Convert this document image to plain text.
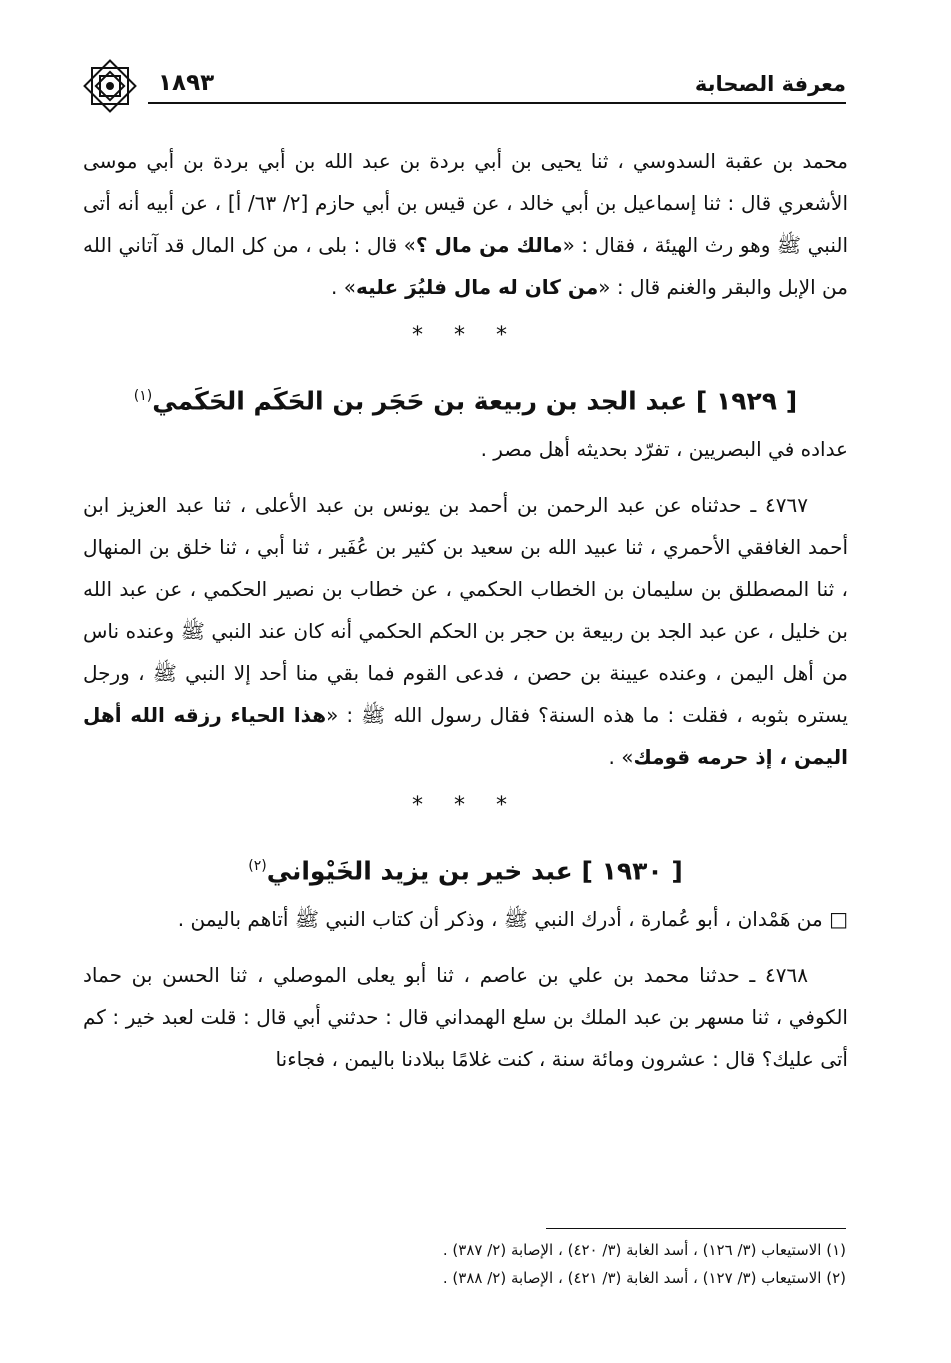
معرفة الصحابة
١٨٩٣

محمد بن عقبة السدوسي ، ثنا يحيى بن أبي بردة بن عبد الله بن أبي بردة بن أبي موسى الأشعري قال : ثنا إسماعيل بن أبي خالد ، عن قيس بن أبي حازم [٢/ ٦٣/ أ] ، عن أبيه أنه أتى النبي ﷺ وهو رث الهيئة ، فقال : «مالك من مال ؟» قال : بلى ، من كل المال قد آتاني الله من الإبل والبقر والغنم قال : «من كان له مال فليُرَ عليه» .

* * *
[ ١٩٢٩ ] عبد الجد بن ربيعة بن حَجَر بن الحَكَم الحَكَمي$^{(١)}$

عداده في البصريين ، تفرّد بحديثه أهل مصر .

٤٧٦٧ ـ حدثناه عن عبد الرحمن بن أحمد بن يونس بن عبد الأعلى ، ثنا عبد العزيز ابن أحمد الغافقي الأحمري ، ثنا عبيد الله بن سعيد بن كثير بن عُفَير ، ثنا أبي ، ثنا خلق بن المنهال ، ثنا المصطلق بن سليمان بن الخطاب الحكمي ، عن خطاب بن نصير الحكمي ، عن عبد الله بن خليل ، عن عبد الجد بن ربيعة بن حجر بن الحكم الحكمي أنه كان عند النبي ﷺ وعنده ناس من أهل اليمن ، وعنده عيينة بن حصن ، فدعى القوم فما بقي منا أحد إلا النبي ﷺ ، ورجل يستره بثوبه ، فقلت : ما هذه السنة؟ فقال رسول الله ﷺ : «هذا الحياء رزقه الله أهل اليمن ، إذ حرمه قومك» .

* * *
[ ١٩٣٠ ] عبد خير بن يزيد الخَيْواني$^{(٢)}$

□ من هَمْدان ، أبو عُمارة ، أدرك النبي ﷺ ، وذكر أن كتاب النبي ﷺ أتاهم باليمن .

٤٧٦٨ ـ حدثنا محمد بن علي بن عاصم ، ثنا أبو يعلى الموصلي ، ثنا الحسن بن حماد الكوفي ، ثنا مسهر بن عبد الملك بن سلع الهمداني قال : حدثني أبي قال : قلت لعبد خير : كم أتى عليك؟ قال : عشرون ومائة سنة ، كنت غلامًا ببلادنا باليمن ، فجاءنا

(١) الاستيعاب (٣/ ١٢٦) ، أسد الغابة (٣/ ٤٢٠) ، الإصابة (٢/ ٣٨٧) .
(٢) الاستيعاب (٣/ ١٢٧) ، أسد الغابة (٣/ ٤٢١) ، الإصابة (٢/ ٣٨٨) .
